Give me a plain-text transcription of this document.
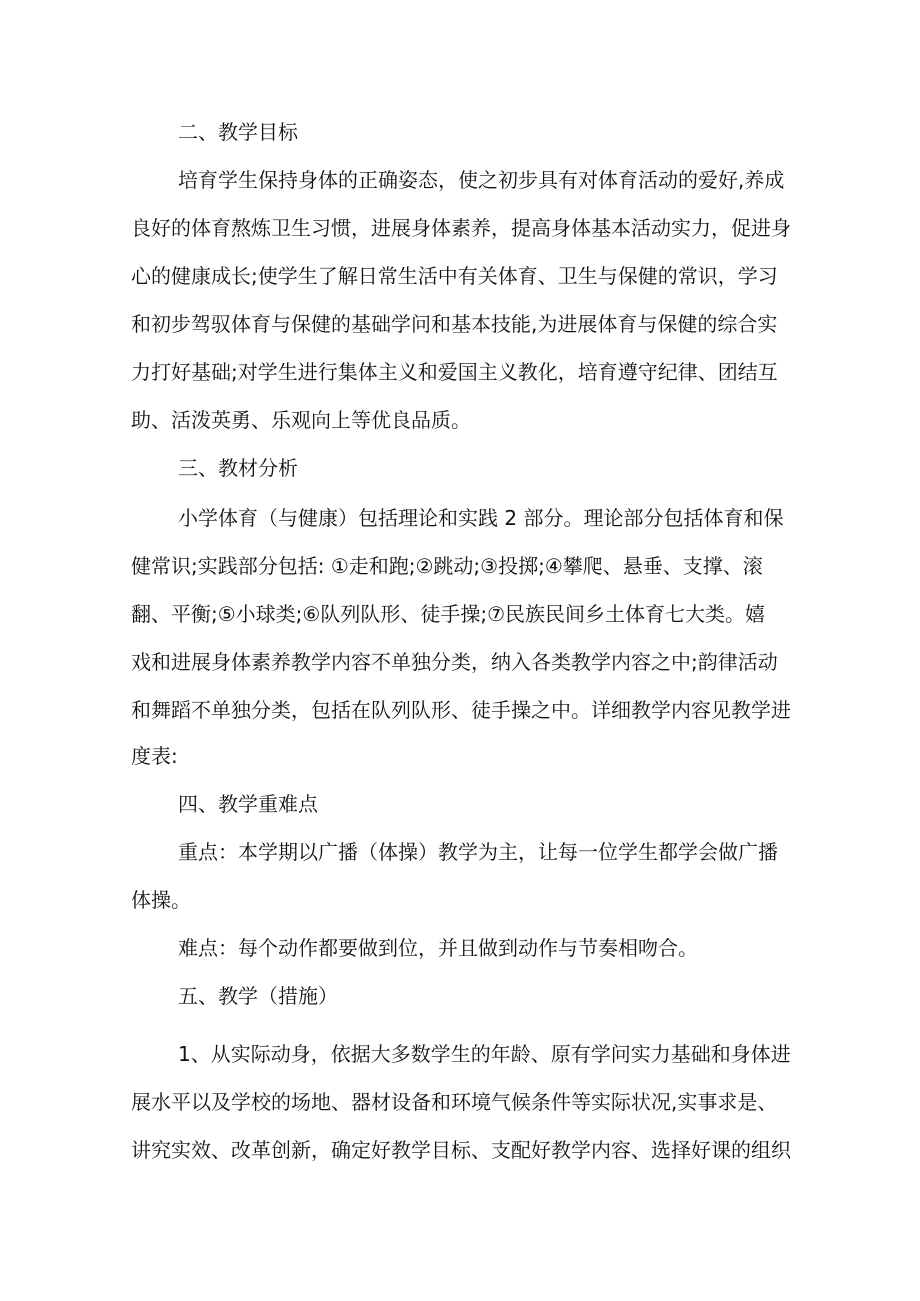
二、教学目标
培育学生保持身体的正确姿态，使之初步具有对体育活动的爱好,养成
良好的体育熬炼卫生习惯，进展身体素养，提高身体基本活动实力，促进身
心的健康成长;使学生了解日常生活中有关体育、卫生与保健的常识，学习
和初步驾驭体育与保健的基础学问和基本技能,为进展体育与保健的综合实
力打好基础;对学生进行集体主义和爱国主义教化，培育遵守纪律、团结互
助、活泼英勇、乐观向上等优良品质。
三、教材分析
小学体育（与健康）包括理论和实践 2 部分。理论部分包括体育和保
健常识;实践部分包括: ①走和跑;②跳动;③投掷;④攀爬、悬垂、支撑、滚
翻、平衡;⑤小球类;⑥队列队形、徒手操;⑦民族民间乡土体育七大类。嬉
戏和进展身体素养教学内容不单独分类，纳入各类教学内容之中;韵律活动
和舞蹈不单独分类，包括在队列队形、徒手操之中。详细教学内容见教学进
度表:
四、教学重难点
重点：本学期以广播（体操）教学为主，让每一位学生都学会做广播
体操。
难点：每个动作都要做到位，并且做到动作与节奏相吻合。
五、教学（措施）
1、从实际动身，依据大多数学生的年龄、原有学问实力基础和身体进
展水平以及学校的场地、器材设备和环境气候条件等实际状况,实事求是、
讲究实效、改革创新，确定好教学目标、支配好教学内容、选择好课的组织
